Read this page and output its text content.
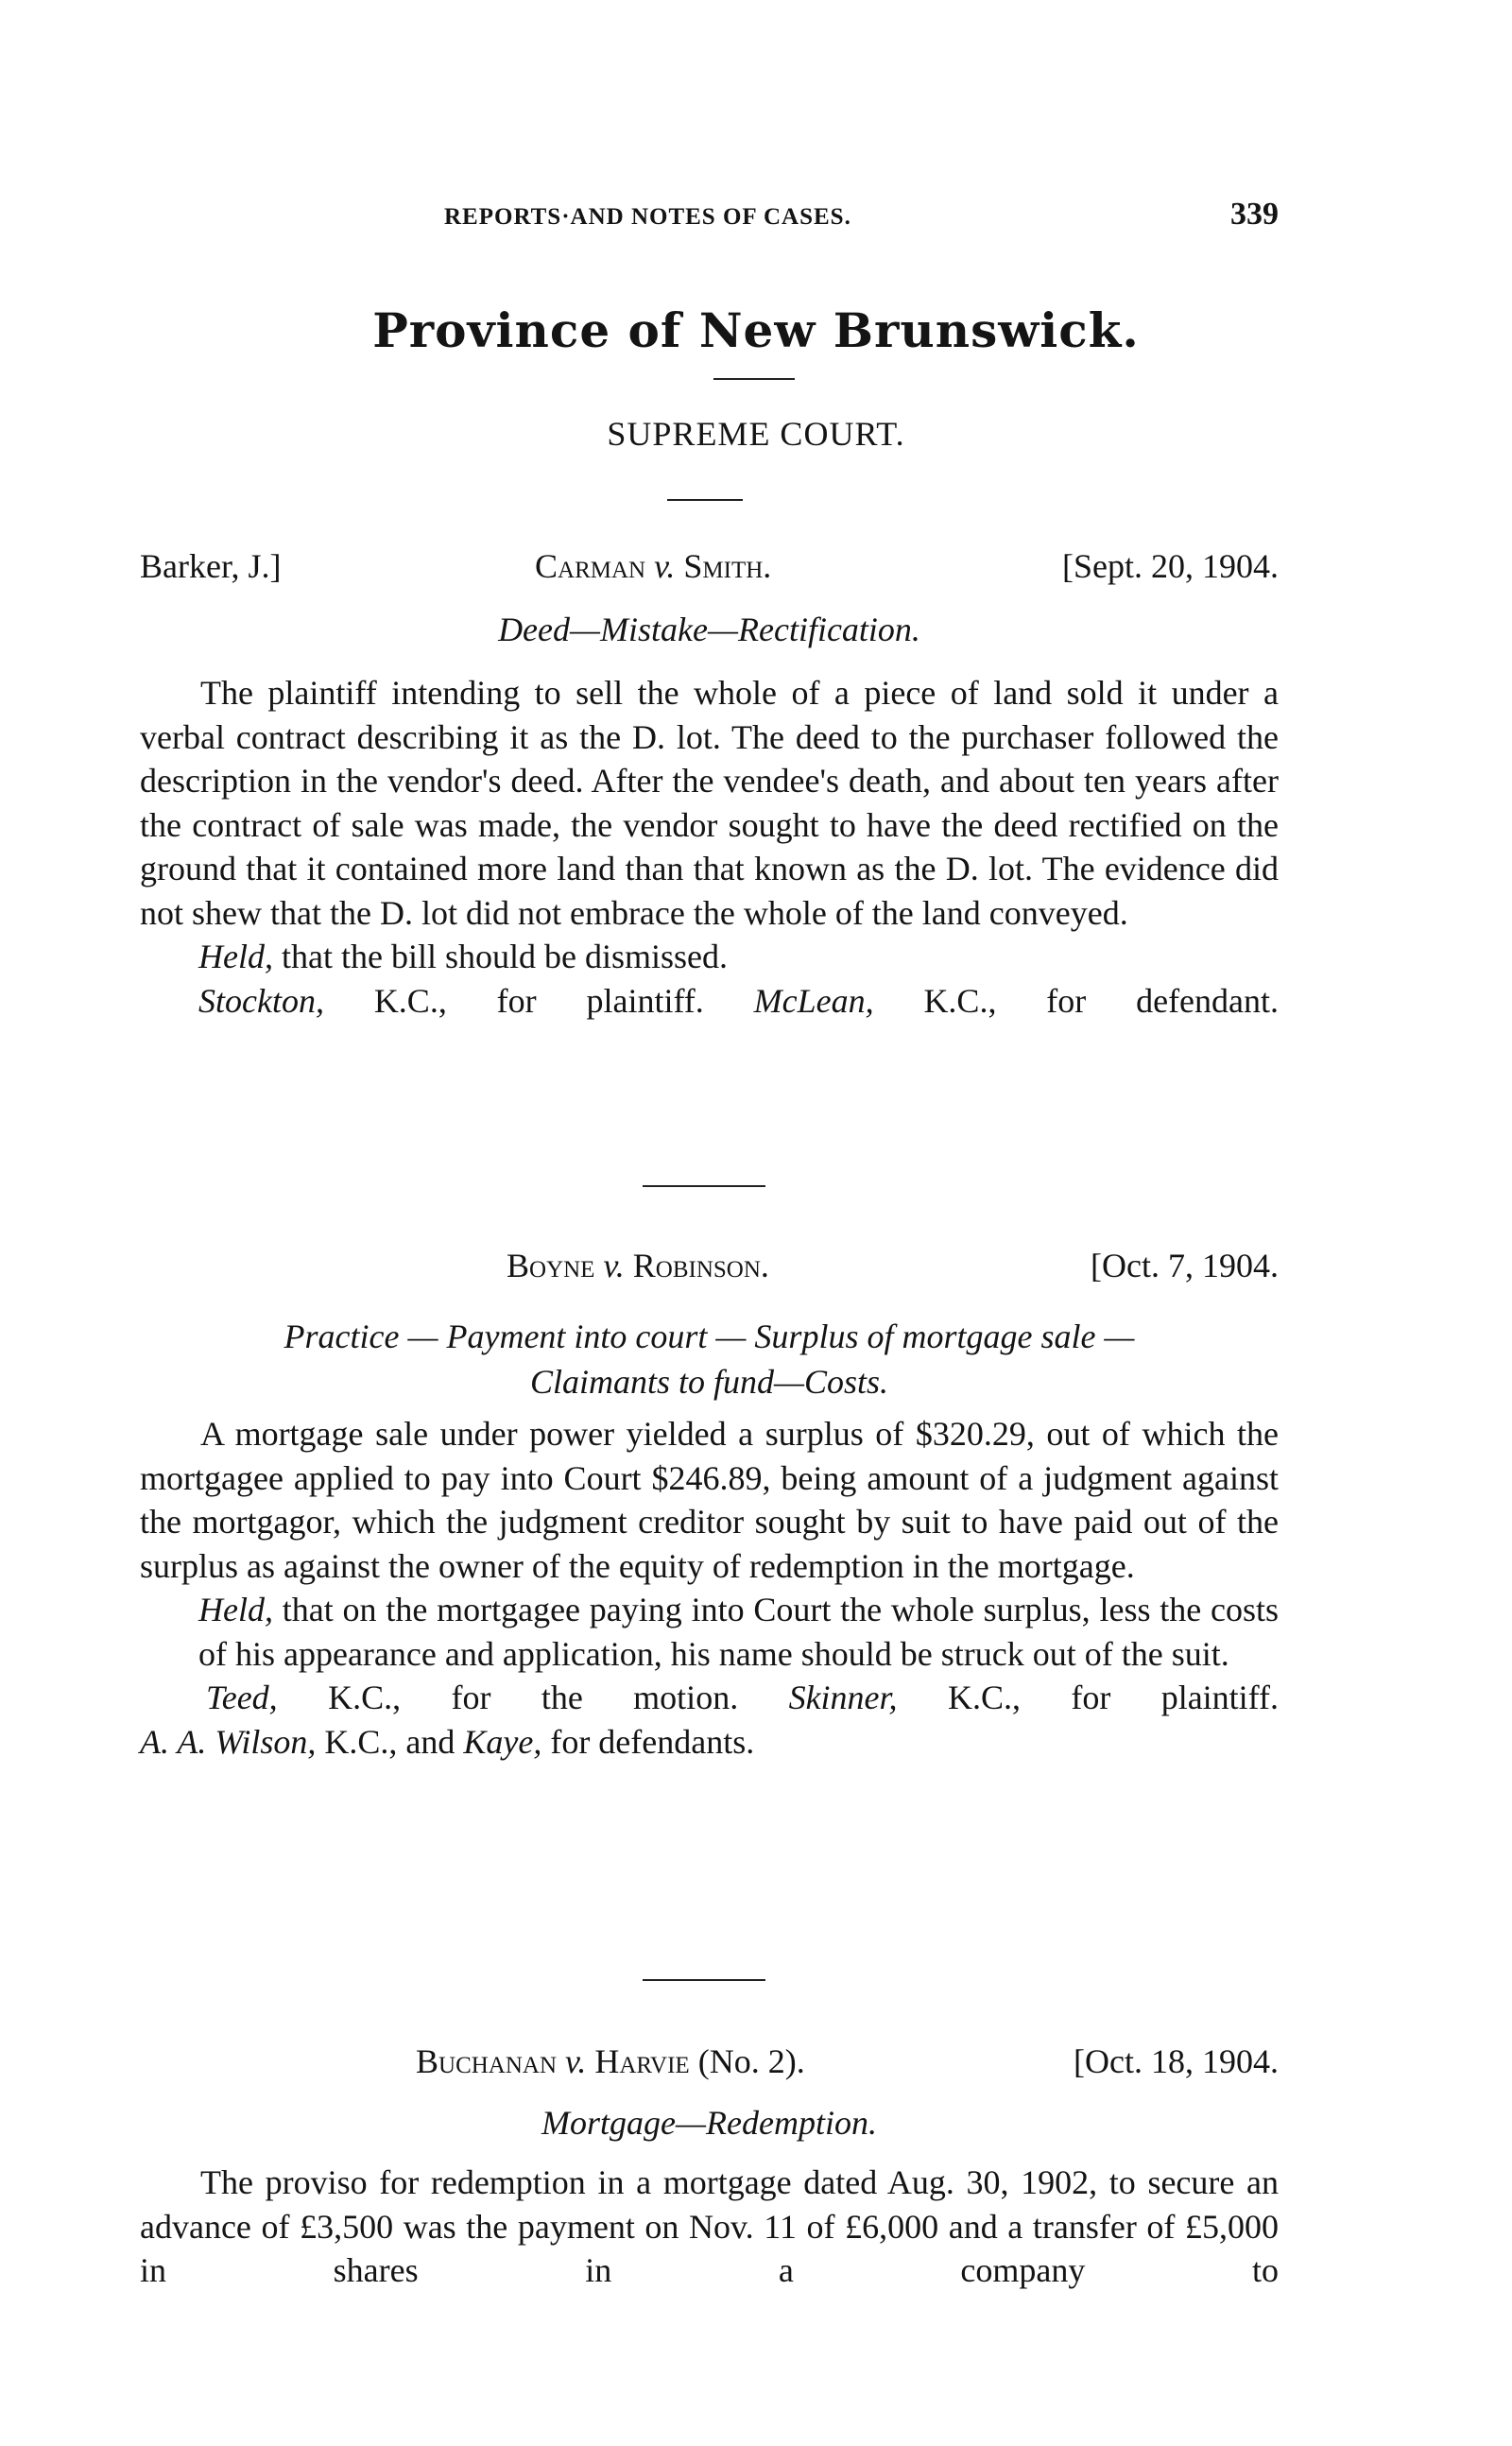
REPORTS·AND NOTES OF CASES.	339
Province of New Brunswick.
SUPREME COURT.
Barker, J.]	Carman v. Smith.	[Sept. 20, 1904.
Deed—Mistake—Rectification.

The plaintiff intending to sell the whole of a piece of land sold it under a verbal contract describing it as the D. lot. The deed to the purchaser followed the description in the vendor's deed. After the vendee's death, and about ten years after the contract of sale was made, the vendor sought to have the deed rectified on the ground that it contained more land than that known as the D. lot. The evidence did not shew that the D. lot did not embrace the whole of the land conveyed.

Held, that the bill should be dismissed.

Stockton, K.C., for plaintiff. McLean, K.C., for defendant.

Boyne v. Robinson.	[Oct. 7, 1904.
Practice — Payment into court — Surplus of mortgage sale —
Claimants to fund—Costs.

A mortgage sale under power yielded a surplus of $320.29, out of which the mortgagee applied to pay into Court $246.89, being amount of a judgment against the mortgagor, which the judgment creditor sought by suit to have paid out of the surplus as against the owner of the equity of redemption in the mortgage.

Held, that on the mortgagee paying into Court the whole surplus, less the costs of his appearance and application, his name should be struck out of the suit.

Teed, K.C., for the motion. Skinner, K.C., for plaintiff.

A. A. Wilson, K.C., and Kaye, for defendants.

Buchanan v. Harvie (No. 2).	[Oct. 18, 1904.
Mortgage—Redemption.

The proviso for redemption in a mortgage dated Aug. 30, 1902, to secure an advance of £3,500 was the payment on Nov. 11 of £6,000 and a transfer of £5,000 in shares in a company to
